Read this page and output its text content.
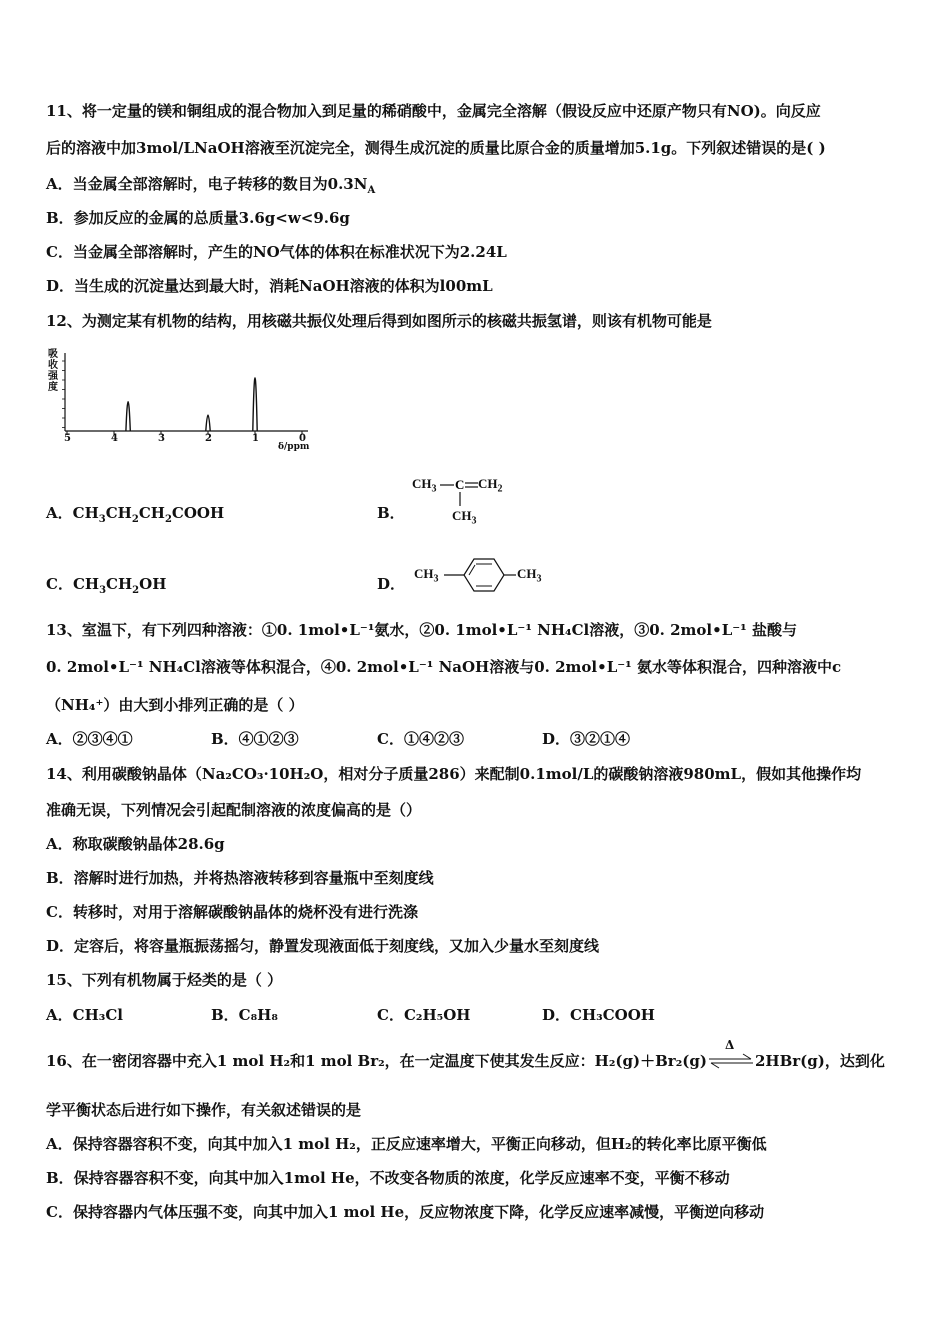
11、将一定量的镁和铜组成的混合物加入到足量的稀硝酸中，金属完全溶解（假设反应中还原产物只有NO)。向反应
后的溶液中加3mol/LNaOH溶液至沉淀完全，测得生成沉淀的质量比原合金的质量增加5.1g。下列叙述错误的是( )
A．当金属全部溶解时，电子转移的数目为$0.3N_A$
B．参加反应的金属的总质量3.6g<w<9.6g
C．当金属全部溶解时，产生的NO气体的体积在标准状况下为2.24L
D．当生成的沉淀量达到最大时，消耗NaOH溶液的体积为l00mL
12、为测定某有机物的结构，用核磁共振仪处理后得到如图所示的核磁共振氢谱，则该有机物可能是
吸
收
强
度
5	4	3	2	1	0
δ/ppm
A．$CH_3CH_2CH_2COOH$	B．
$CH_3$ C $CH_2$
$CH_3$
C．$CH_3CH_2OH$	D．
$CH_3$	$CH_3$
13、室温下，有下列四种溶液：①0. 1mol•L⁻¹氨水，②0. 1mol•L⁻¹ NH₄Cl溶液，③0. 2mol•L⁻¹ 盐酸与
0. 2mol•L⁻¹ NH₄Cl溶液等体积混合，④0. 2mol•L⁻¹ NaOH溶液与0. 2mol•L⁻¹ 氨水等体积混合，四种溶液中c
（NH₄⁺）由大到小排列正确的是（ ）
A．②③④①	B．④①②③	C．①④②③	D．③②①④
14、利用碳酸钠晶体（Na₂CO₃·10H₂O，相对分子质量286）来配制0.1mol/L的碳酸钠溶液980mL，假如其他操作均
准确无误，下列情况会引起配制溶液的浓度偏高的是（）
A．称取碳酸钠晶体28.6g
B．溶解时进行加热，并将热溶液转移到容量瓶中至刻度线
C．转移时，对用于溶解碳酸钠晶体的烧杯没有进行洗涤
D．定容后，将容量瓶振荡摇匀，静置发现液面低于刻度线，又加入少量水至刻度线
15、下列有机物属于烃类的是（ ）
A．CH₃Cl	B．C₈H₈	C．C₂H₅OH	D．CH₃COOH
16、在一密闭容器中充入1 mol H₂和1 mol Br₂，在一定温度下使其发生反应：H₂(g)＋Br₂(g)
Δ
2HBr(g)，达到化
学平衡状态后进行如下操作，有关叙述错误的是
A．保持容器容积不变，向其中加入1 mol H₂，正反应速率增大，平衡正向移动，但H₂的转化率比原平衡低
B．保持容器容积不变，向其中加入1mol He，不改变各物质的浓度，化学反应速率不变，平衡不移动
C．保持容器内气体压强不变，向其中加入1 mol He，反应物浓度下降，化学反应速率减慢，平衡逆向移动
